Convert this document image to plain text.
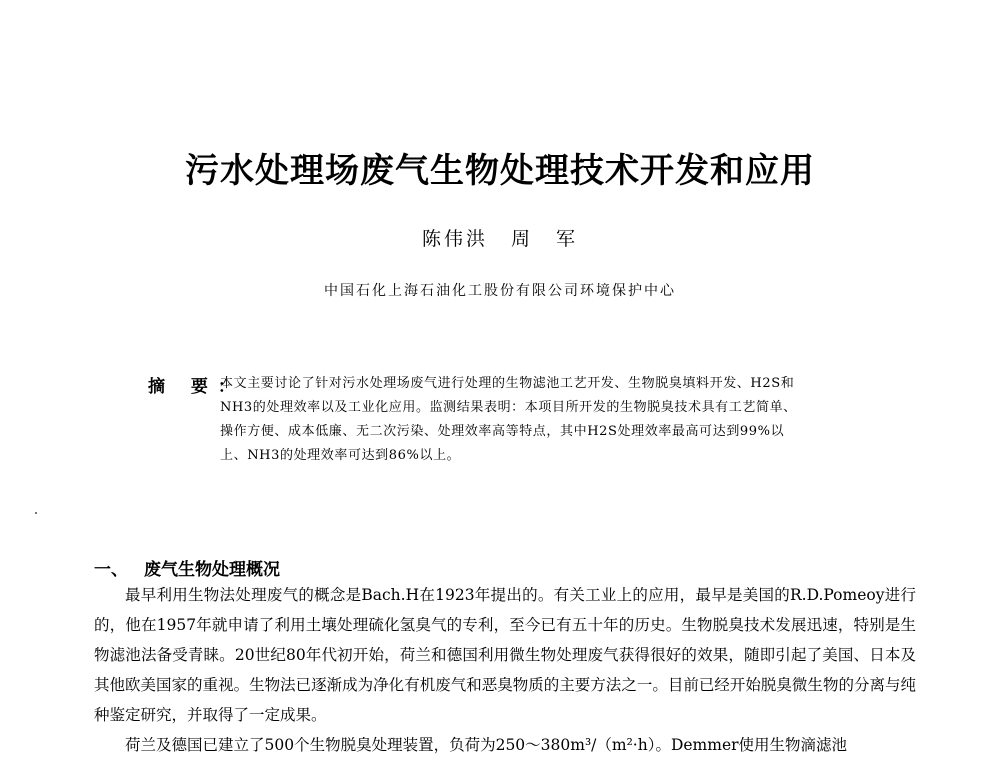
污水处理场废气生物处理技术开发和应用
陈伟洪 周 军
中国石化上海石油化工股份有限公司环境保护中心
摘 要：

本文主要讨论了针对污水处理场废气进行处理的生物滤池工艺开发、生物脱臭填料开发、H2S和

NH3的处理效率以及工业化应用。监测结果表明：本项目所开发的生物脱臭技术具有工艺简单、

操作方便、成本低廉、无二次污染、处理效率高等特点，其中H2S处理效率最高可达到99%以

上、NH3的处理效率可达到86%以上。

一、 废气生物处理概况

最早利用生物法处理废气的概念是Bach.H在1923年提出的。有关工业上的应用，最早是美国的R.D.Pomeoy进行的，他在1957年就申请了利用土壤处理硫化氢臭气的专利，至今已有五十年的历史。生物脱臭技术发展迅速，特别是生物滤池法备受青睐。20世纪80年代初开始，荷兰和德国利用微生物处理废气获得很好的效果，随即引起了美国、日本及其他欧美国家的重视。生物法已逐渐成为净化有机废气和恶臭物质的主要方法之一。目前已经开始脱臭微生物的分离与纯种鉴定研究，并取得了一定成果。

荷兰及德国已建立了500个生物脱臭处理装置，负荷为250～380m³/（m²·h）。Demmer使用生物滴滤池
